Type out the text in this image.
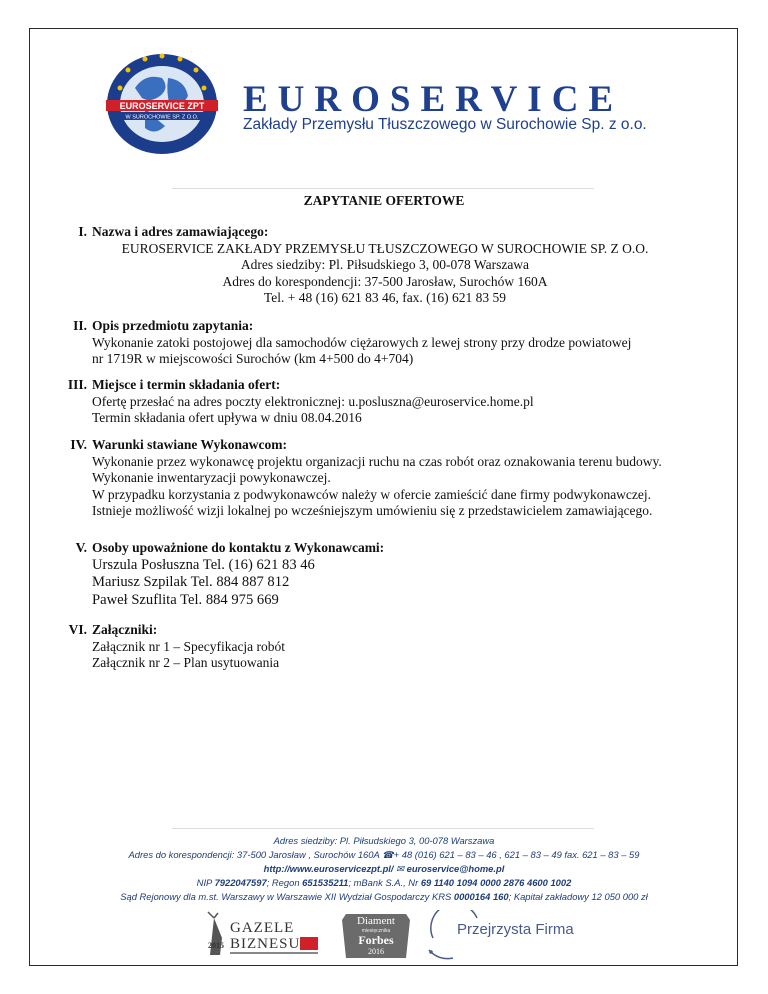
EUROSERVICE ZPT
W SUROCHOWIE SP. Z O.O. EUROSERVICE
Zakłady Przemysłu Tłuszczowego w Surochowie Sp. z o.o.
ZAPYTANIE OFERTOWE
I. Nazwa i adres zamawiającego:
EUROSERVICE ZAKŁADY PRZEMYSŁU TŁUSZCZOWEGO W SUROCHOWIE SP. Z O.O.
Adres siedziby: Pl. Piłsudskiego 3, 00-078 Warszawa
Adres do korespondencji: 37-500 Jarosław, Surochów 160A
Tel. + 48 (16) 621 83 46, fax. (16) 621 83 59
II. Opis przedmiotu zapytania:
Wykonanie zatoki postojowej dla samochodów ciężarowych z lewej strony przy drodze powiatowej
nr 1719R w miejscowości Surochów (km 4+500 do 4+704)
III. Miejsce i termin składania ofert:
Ofertę przesłać na adres poczty elektronicznej: u.posluszna@euroservice.home.pl
Termin składania ofert upływa w dniu 08.04.2016
IV. Warunki stawiane Wykonawcom:
Wykonanie przez wykonawcę projektu organizacji ruchu na czas robót oraz oznakowania terenu budowy.
Wykonanie inwentaryzacji powykonawczej.
W przypadku korzystania z podwykonawców należy w ofercie zamieścić dane firmy podwykonawczej.
Istnieje możliwość wizji lokalnej po wcześniejszym umówieniu się z przedstawicielem zamawiającego.
V. Osoby upoważnione do kontaktu z Wykonawcami:
Urszula Posłuszna Tel. (16) 621 83 46
Mariusz Szpilak Tel. 884 887 812
Paweł Szuflita Tel. 884 975 669
VI. Załączniki:
Załącznik nr 1 – Specyfikacja robót
Załącznik nr 2 – Plan usytuowania
Adres siedziby: Pl. Piłsudskiego 3, 00-078 Warszawa
Adres do korespondencji: 37-500 Jarosław , Surochów 160A ☎+ 48 (016) 621 – 83 – 46 , 621 – 83 – 49 fax. 621 – 83 – 59
http://www.euroservicezpt.pl/ ✉ euroservice@home.pl
NIP 7922047597; Regon 651535211; mBank S.A., Nr 69 1140 1094 0000 2876 4600 1002
Sąd Rejonowy dla m.st. Warszawy w Warszawie XII Wydział Gospodarczy KRS 0000164 160; Kapitał zakładowy 12 050 000 zł
GAZELE
2015 BIZNESU
Diament
miesięcznika
Forbes
2016
Przejrzysta Firma
